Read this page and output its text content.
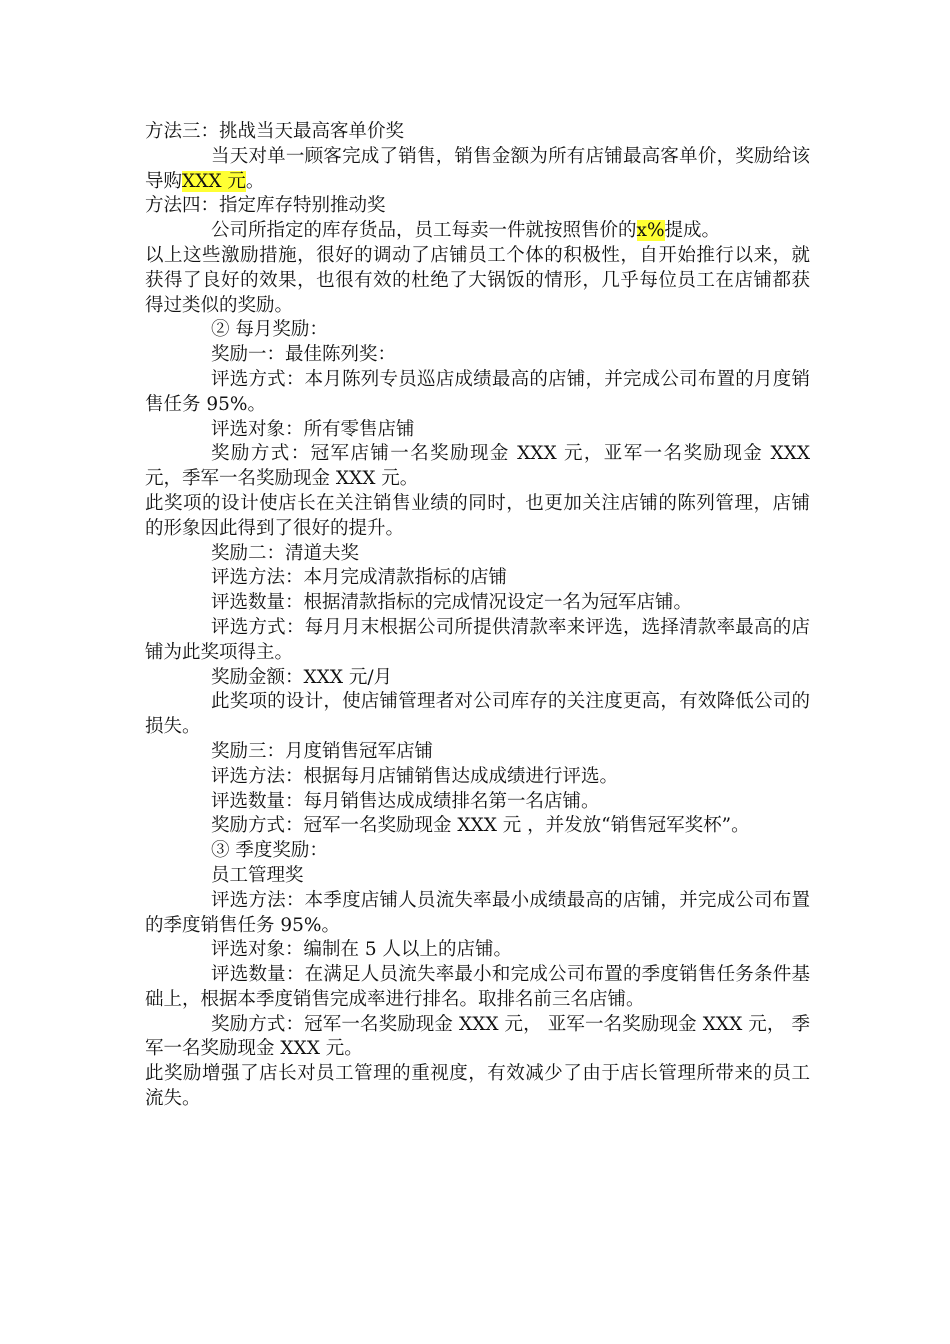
方法三：挑战当天最高客单价奖

当天对单一顾客完成了销售，销售金额为所有店铺最高客单价，奖励给该导购XXX 元。

方法四：指定库存特别推动奖

公司所指定的库存货品，员工每卖一件就按照售价的x%提成。

以上这些激励措施，很好的调动了店铺员工个体的积极性，自开始推行以来，就获得了良好的效果，也很有效的杜绝了大锅饭的情形，几乎每位员工在店铺都获得过类似的奖励。

② 每月奖励：

奖励一：最佳陈列奖：

评选方式：本月陈列专员巡店成绩最高的店铺，并完成公司布置的月度销售任务 95%。

评选对象：所有零售店铺

奖励方式：冠军店铺一名奖励现金 XXX 元，亚军一名奖励现金 XXX 元，季军一名奖励现金 XXX 元。

此奖项的设计使店长在关注销售业绩的同时，也更加关注店铺的陈列管理，店铺的形象因此得到了很好的提升。

奖励二：清道夫奖

评选方法：本月完成清款指标的店铺

评选数量：根据清款指标的完成情况设定一名为冠军店铺。

评选方式：每月月末根据公司所提供清款率来评选，选择清款率最高的店铺为此奖项得主。

奖励金额：XXX 元/月

此奖项的设计，使店铺管理者对公司库存的关注度更高，有效降低公司的损失。

奖励三：月度销售冠军店铺

评选方法：根据每月店铺销售达成成绩进行评选。

评选数量：每月销售达成成绩排名第一名店铺。

奖励方式：冠军一名奖励现金 XXX 元 ，并发放“销售冠军奖杯”。

③ 季度奖励：

员工管理奖

评选方法：本季度店铺人员流失率最小成绩最高的店铺，并完成公司布置的季度销售任务 95%。

评选对象：编制在 5 人以上的店铺。

评选数量：在满足人员流失率最小和完成公司布置的季度销售任务条件基础上，根据本季度销售完成率进行排名。取排名前三名店铺。

奖励方式：冠军一名奖励现金 XXX 元， 亚军一名奖励现金 XXX 元， 季军一名奖励现金 XXX 元。

此奖励增强了店长对员工管理的重视度，有效减少了由于店长管理所带来的员工流失。
